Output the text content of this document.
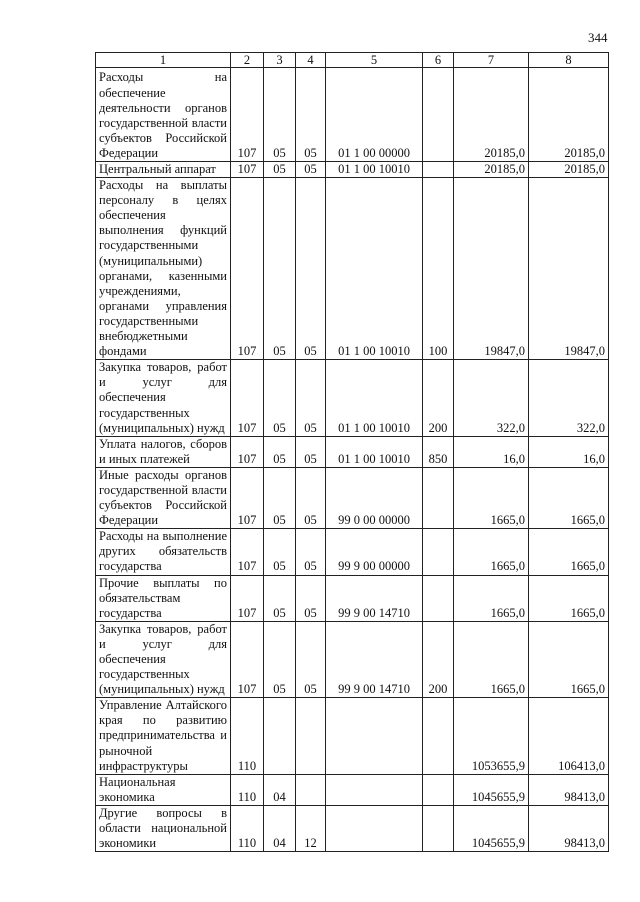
344
1	2	3	4	5	6	7	8
Расходы на обеспечение деятельности органов государственной власти субъектов Российской Федерации	107	05	05	01 1 00 00000		20185,0	20185,0
Центральный аппарат	107	05	05	01 1 00 10010		20185,0	20185,0
Расходы на выплаты персоналу в целях обеспечения выполнения функций государственными (муниципальными) органами, казенными учреждениями, органами управления государственными внебюджетными фондами	107	05	05	01 1 00 10010	100	19847,0	19847,0
Закупка товаров, работ и услуг для обеспечения государственных (муниципальных) нужд	107	05	05	01 1 00 10010	200	322,0	322,0
Уплата налогов, сборов и иных платежей	107	05	05	01 1 00 10010	850	16,0	16,0
Иные расходы органов государственной власти субъектов Российской Федерации	107	05	05	99 0 00 00000		1665,0	1665,0
Расходы на выполнение других обязательств государства	107	05	05	99 9 00 00000		1665,0	1665,0
Прочие выплаты по обязательствам государства	107	05	05	99 9 00 14710		1665,0	1665,0
Закупка товаров, работ и услуг для обеспечения государственных (муниципальных) нужд	107	05	05	99 9 00 14710	200	1665,0	1665,0
Управление Алтайского края по развитию предпринимательства и рыночной инфраструктуры	110					1053655,9	106413,0
Национальная экономика	110	04				1045655,9	98413,0
Другие вопросы в области национальной экономики	110	04	12			1045655,9	98413,0
